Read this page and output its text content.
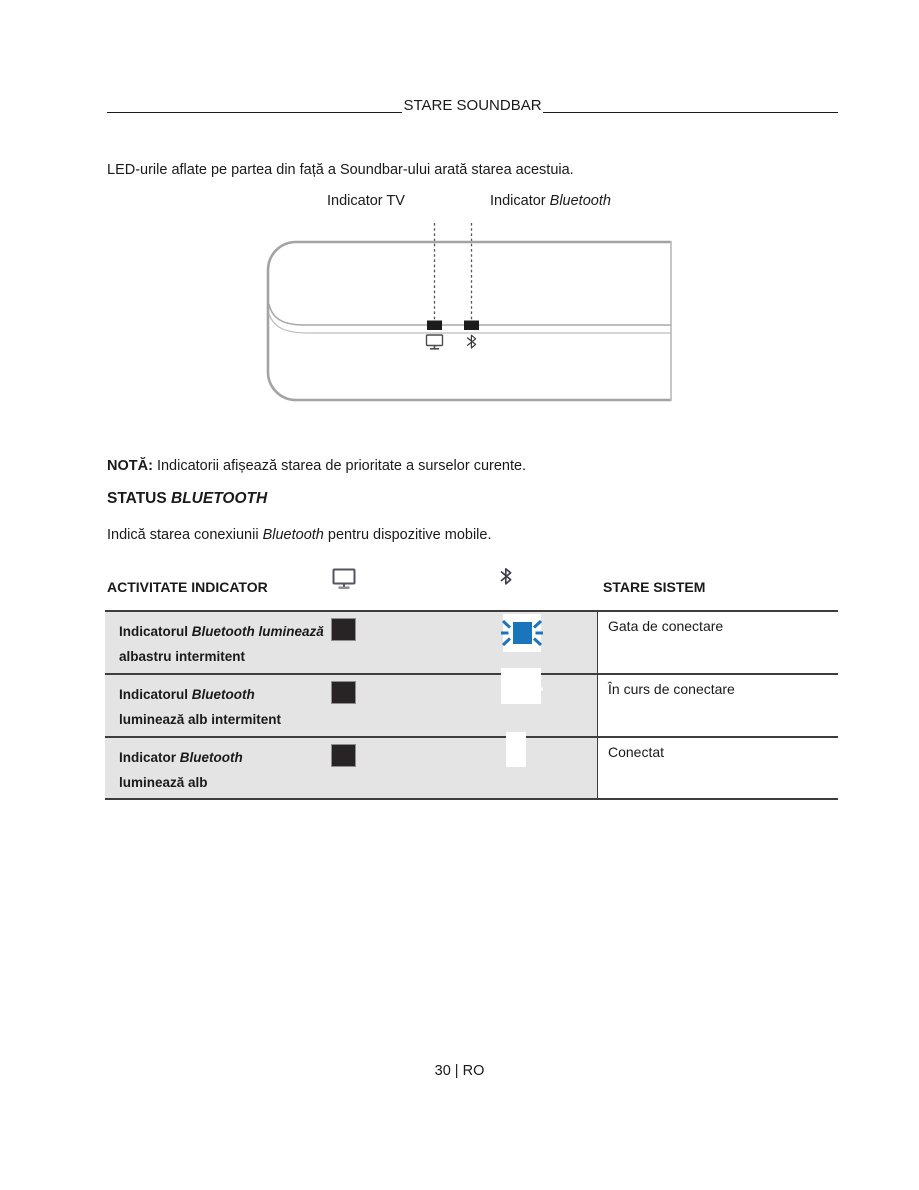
STARE SOUNDBAR
LED-urile aflate pe partea din față a Soundbar-ului arată starea acestuia.
Indicator TV	Indicator Bluetooth
NOTĂ: Indicatorii afișează starea de prioritate a surselor curente.
STATUS BLUETOOTH
Indică starea conexiunii Bluetooth pentru dispozitive mobile.
ACTIVITATE INDICATOR	STARE SISTEM
Indicatorul Bluetooth luminează
albastru intermitent
Gata de conectare
Indicatorul Bluetooth
luminează alb intermitent
În curs de conectare
Indicator Bluetooth
luminează alb
Conectat
30 | RO
